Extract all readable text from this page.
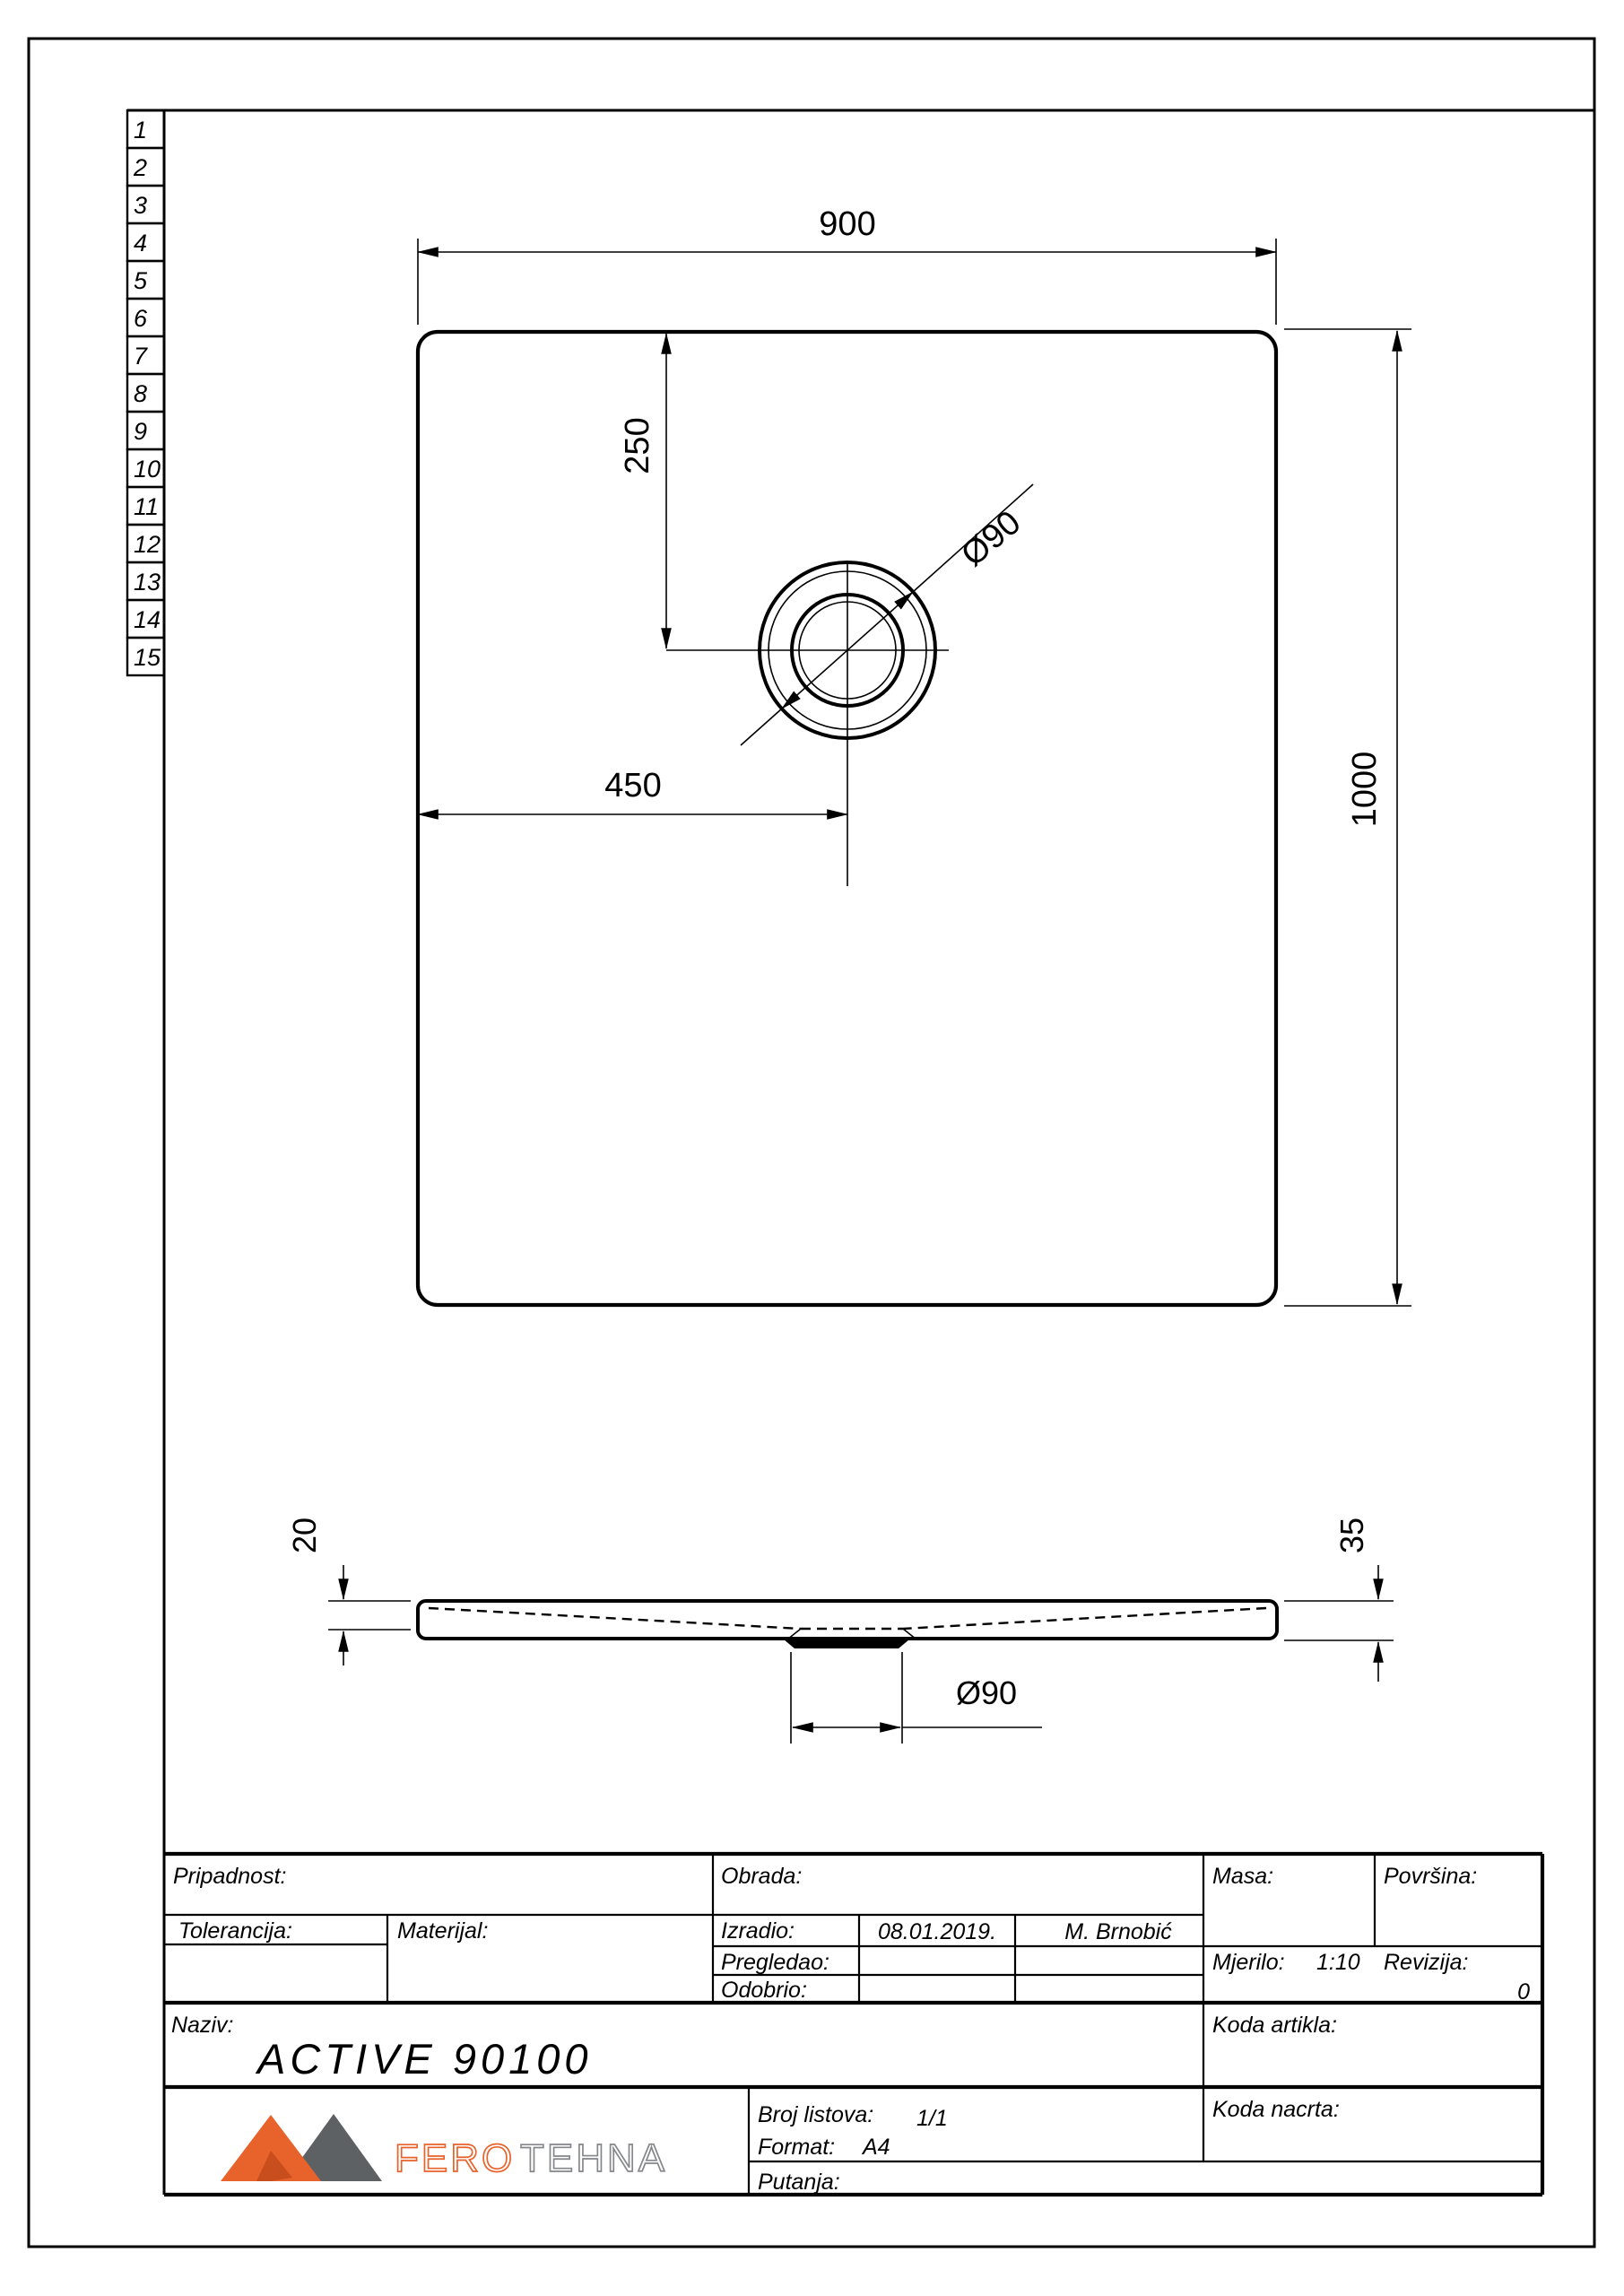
1
2
3
4
5
6
7
8
9
10
11
12
13
14
15
900
250
450	1000
Ø90
20	35
Ø90
Pripadnost:	Obrada:	Masa:	Površina:
Tolerancija:	Materijal:	Izradio:	08.01.2019.	M. Brnobić
Pregledao:
Odobrio:
Mjerilo: 1:10 Revizija:
0
Naziv:
ACTIVE 90100
Koda artikla:
Koda nacrta:
Broj listova: 1/1
Format: A4
Putanja:
FERO TEHNA
